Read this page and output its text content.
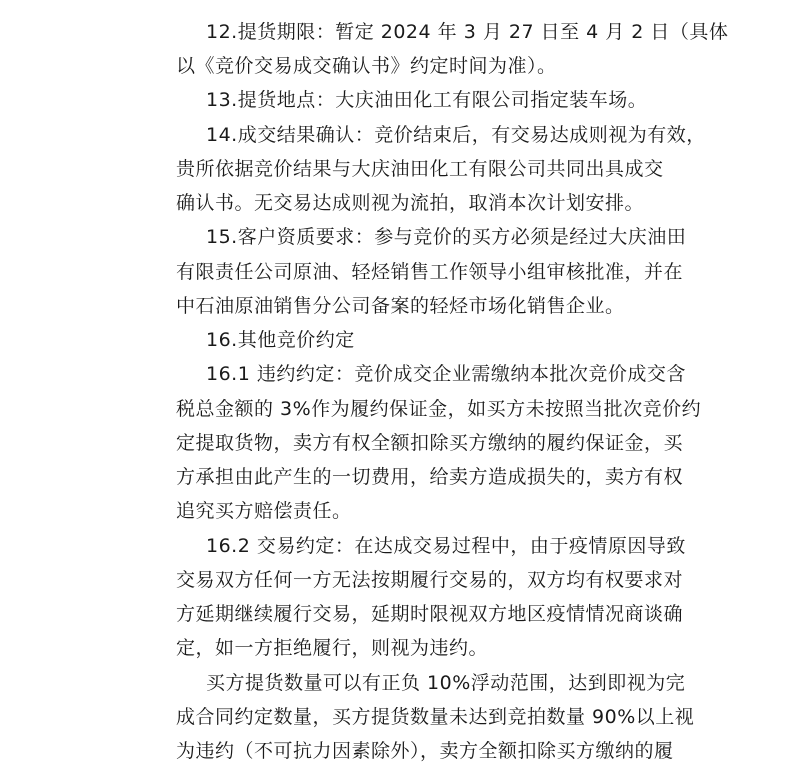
12.提货期限：暂定 2024 年 3 月 27 日至 4 月 2 日（具体
以《竞价交易成交确认书》约定时间为准）。
13.提货地点：大庆油田化工有限公司指定装车场。
14.成交结果确认：竞价结束后，有交易达成则视为有效，
贵所依据竞价结果与大庆油田化工有限公司共同出具成交
确认书。无交易达成则视为流拍，取消本次计划安排。
15.客户资质要求：参与竞价的买方必须是经过大庆油田
有限责任公司原油、轻烃销售工作领导小组审核批准，并在
中石油原油销售分公司备案的轻烃市场化销售企业。
16.其他竞价约定
16.1 违约约定：竞价成交企业需缴纳本批次竞价成交含
税总金额的 3%作为履约保证金，如买方未按照当批次竞价约
定提取货物，卖方有权全额扣除买方缴纳的履约保证金，买
方承担由此产生的一切费用，给卖方造成损失的，卖方有权
追究买方赔偿责任。
16.2 交易约定：在达成交易过程中，由于疫情原因导致
交易双方任何一方无法按期履行交易的，双方均有权要求对
方延期继续履行交易，延期时限视双方地区疫情情况商谈确
定，如一方拒绝履行，则视为违约。
买方提货数量可以有正负 10%浮动范围，达到即视为完
成合同约定数量，买方提货数量未达到竞拍数量 90%以上视
为违约（不可抗力因素除外），卖方全额扣除买方缴纳的履
